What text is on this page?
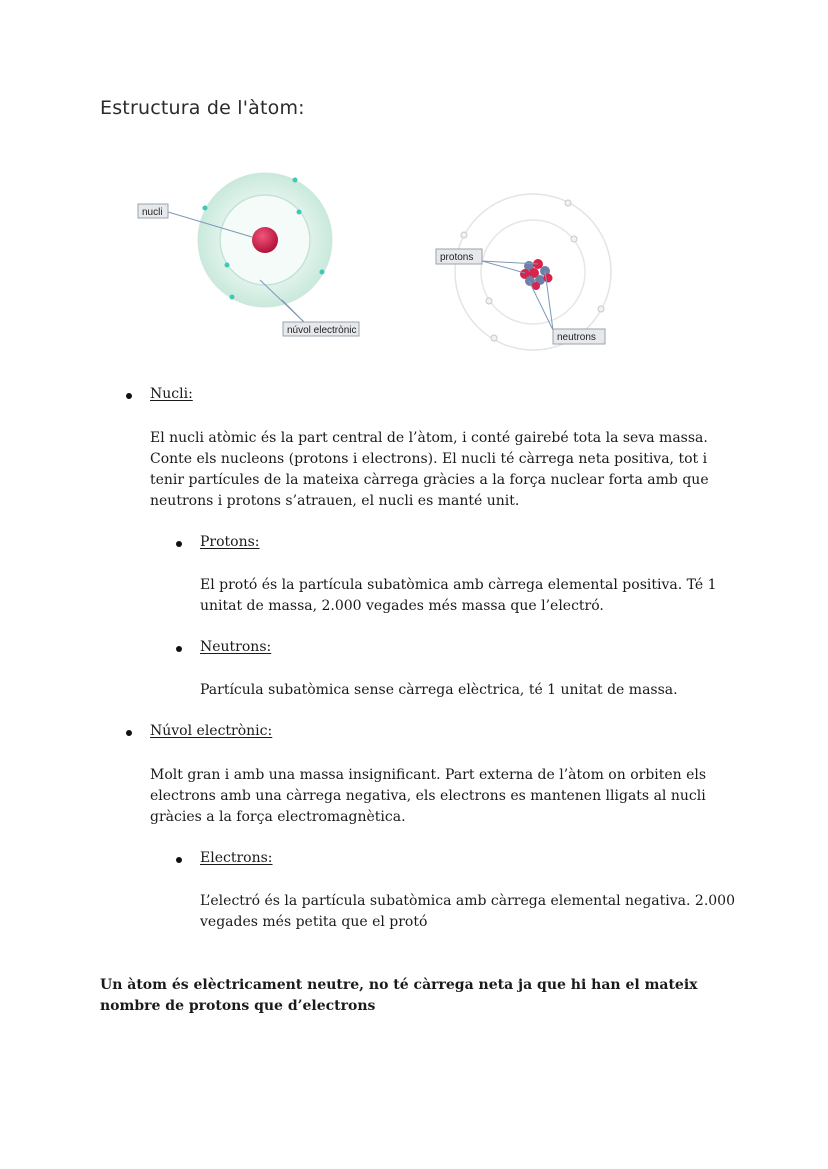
Estructura de l'àtom:
nucli
núvol electrònic
protons
neutrons
Nucli:

El nucli atòmic és la part central de l’àtom, i conté gairebé tota la seva massa. Conte els nucleons (protons i electrons). El nucli té càrrega neta positiva, tot i tenir partícules de la mateixa càrrega gràcies a la força nuclear forta amb que neutrons i protons s’atrauen, el nucli es manté unit.

Protons:

El protó és la partícula subatòmica amb càrrega elemental positiva. Té 1 unitat de massa, 2.000 vegades més massa que l’electró.

Neutrons:

Partícula subatòmica sense càrrega elèctrica, té 1 unitat de massa.

Núvol electrònic:

Molt gran i amb una massa insignificant. Part externa de l’àtom on orbiten els electrons amb una càrrega negativa, els electrons es mantenen lligats al nucli gràcies a la força electromagnètica.

Electrons:

L’electró és la partícula subatòmica amb càrrega elemental negativa. 2.000 vegades més petita que el protó

Un àtom és elèctricament neutre, no té càrrega neta ja que hi han el mateix nombre de protons que d’electrons
